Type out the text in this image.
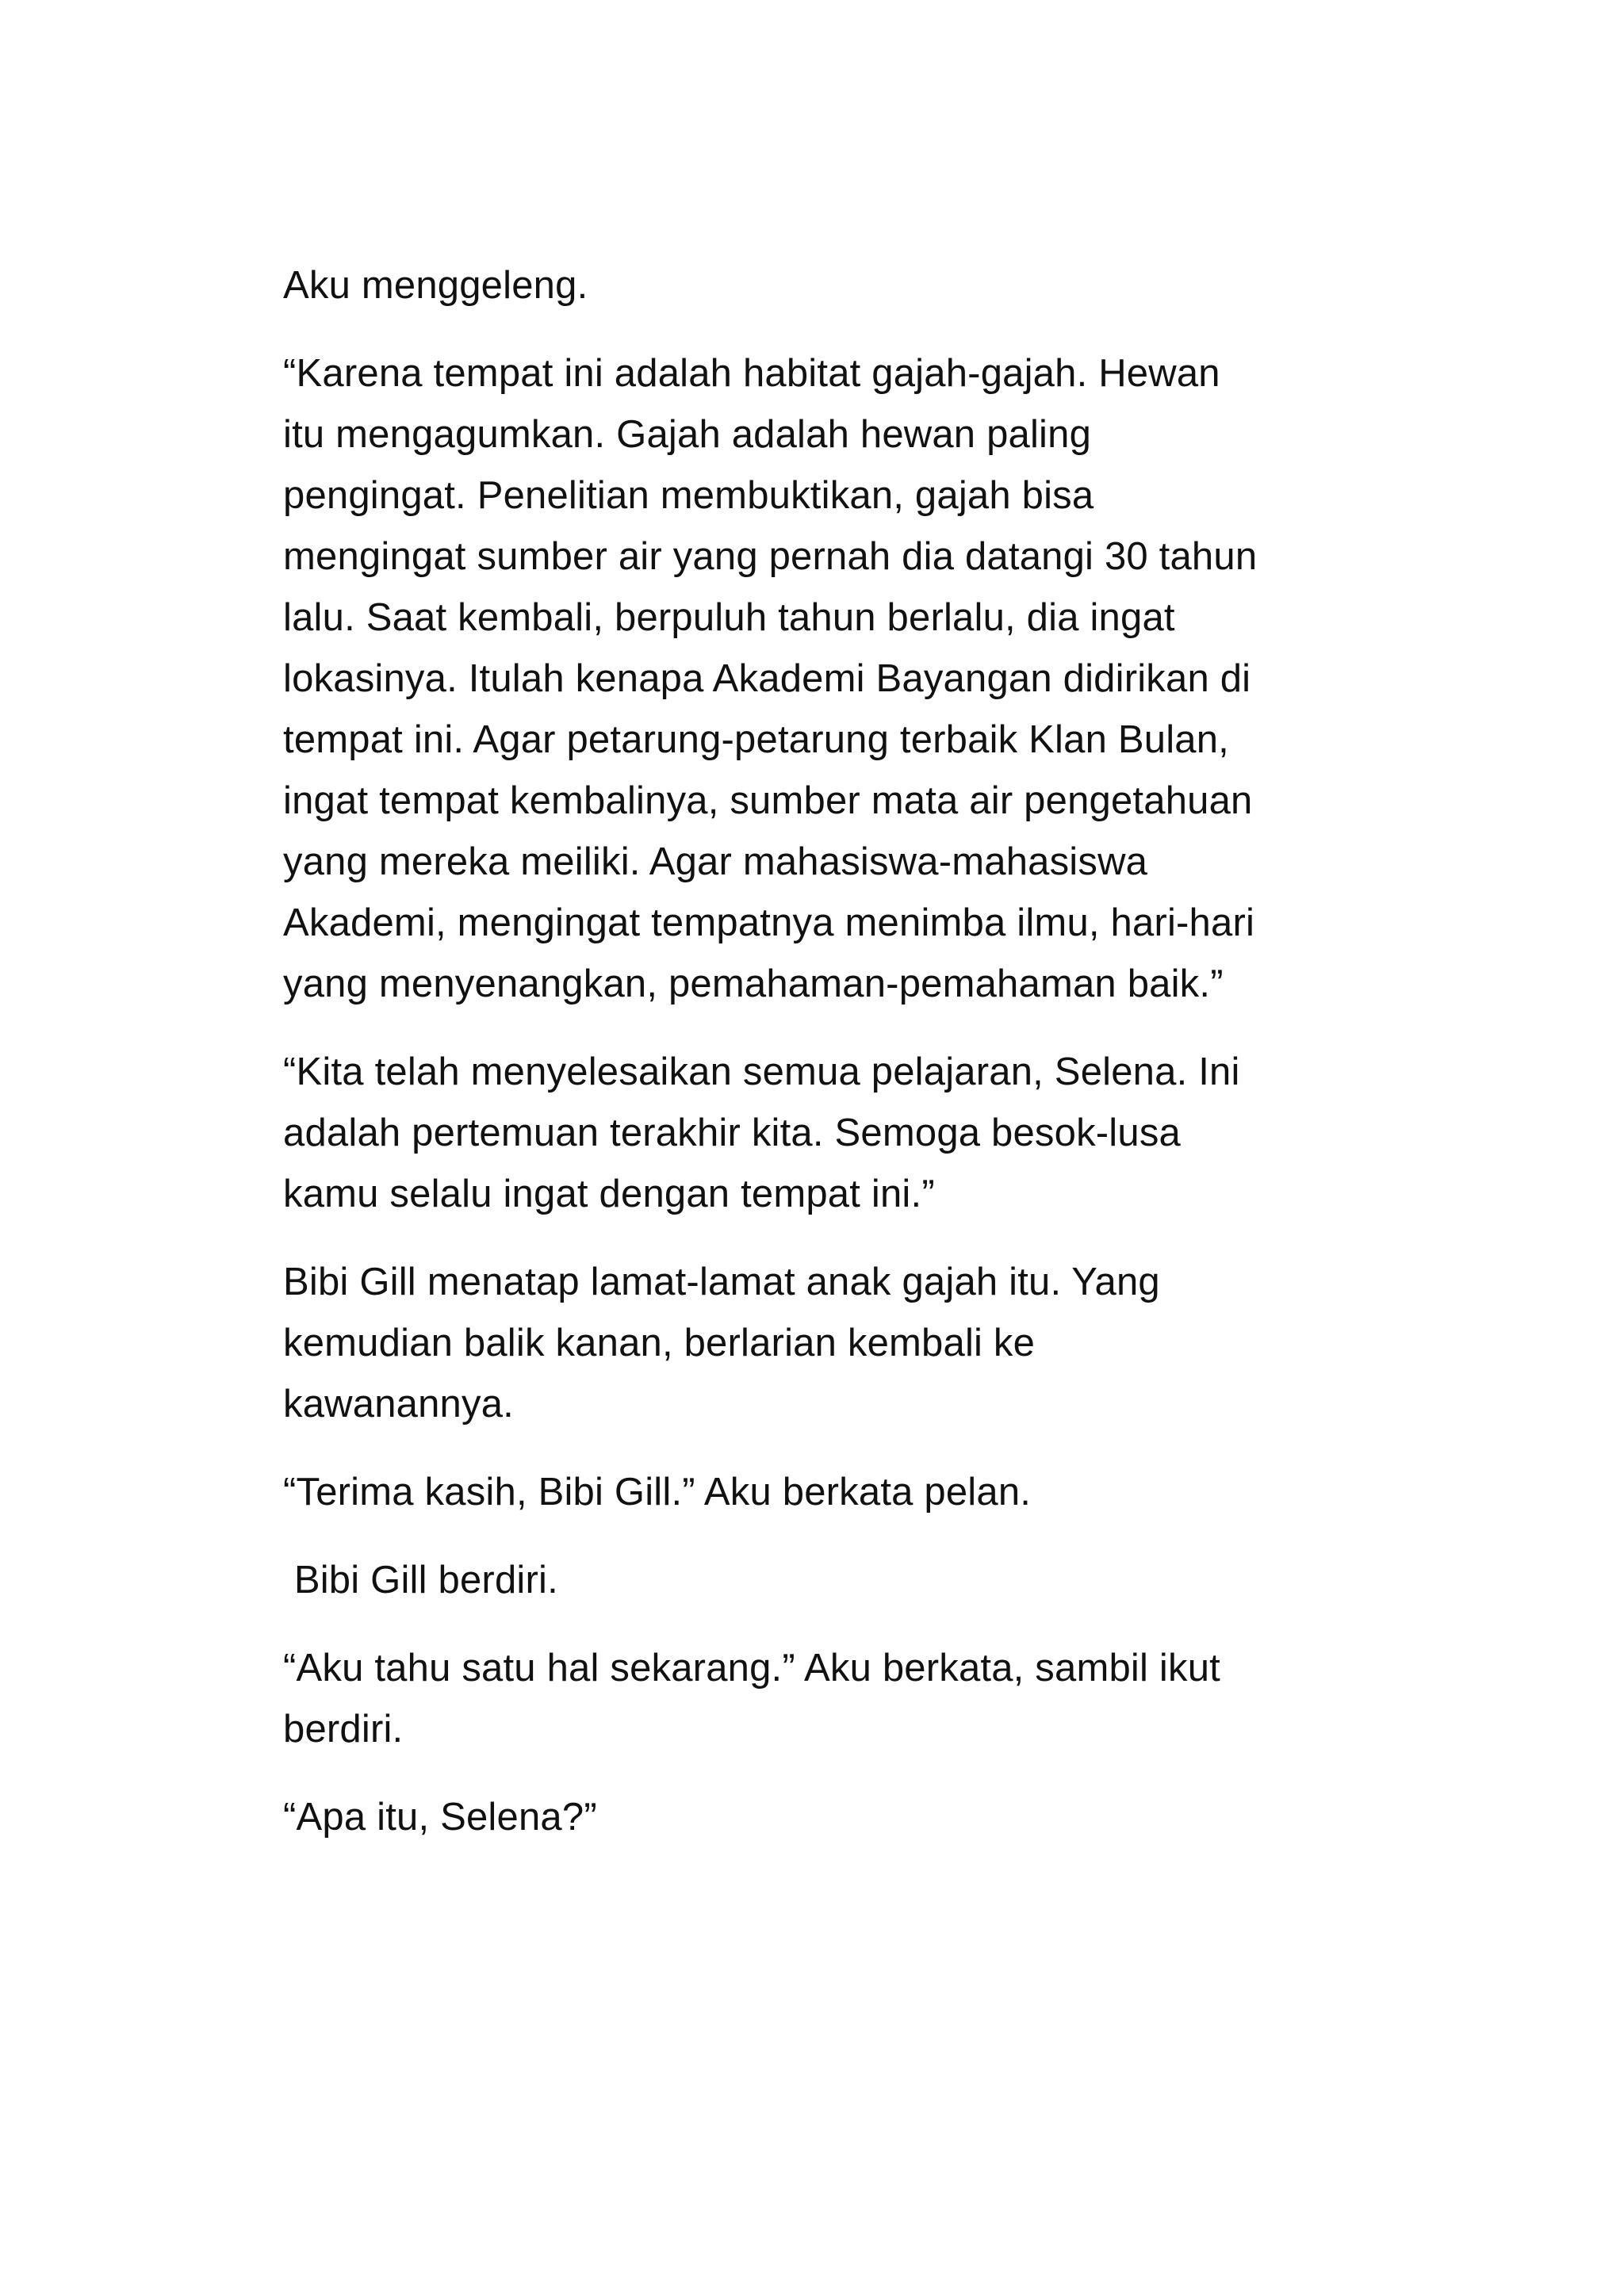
Aku menggeleng.

“Karena tempat ini adalah habitat gajah-gajah. Hewan
itu mengagumkan. Gajah adalah hewan paling
pengingat. Penelitian membuktikan, gajah bisa
mengingat sumber air yang pernah dia datangi 30 tahun
lalu. Saat kembali, berpuluh tahun berlalu, dia ingat
lokasinya. Itulah kenapa Akademi Bayangan didirikan di
tempat ini. Agar petarung-petarung terbaik Klan Bulan,
ingat tempat kembalinya, sumber mata air pengetahuan
yang mereka meiliki. Agar mahasiswa-mahasiswa
Akademi, mengingat tempatnya menimba ilmu, hari-hari
yang menyenangkan, pemahaman-pemahaman baik.”

“Kita telah menyelesaikan semua pelajaran, Selena. Ini
adalah pertemuan terakhir kita. Semoga besok-lusa
kamu selalu ingat dengan tempat ini.”

Bibi Gill menatap lamat-lamat anak gajah itu. Yang
kemudian balik kanan, berlarian kembali ke
kawanannya.

“Terima kasih, Bibi Gill.” Aku berkata pelan.

Bibi Gill berdiri.

“Aku tahu satu hal sekarang.” Aku berkata, sambil ikut
berdiri.

“Apa itu, Selena?”
